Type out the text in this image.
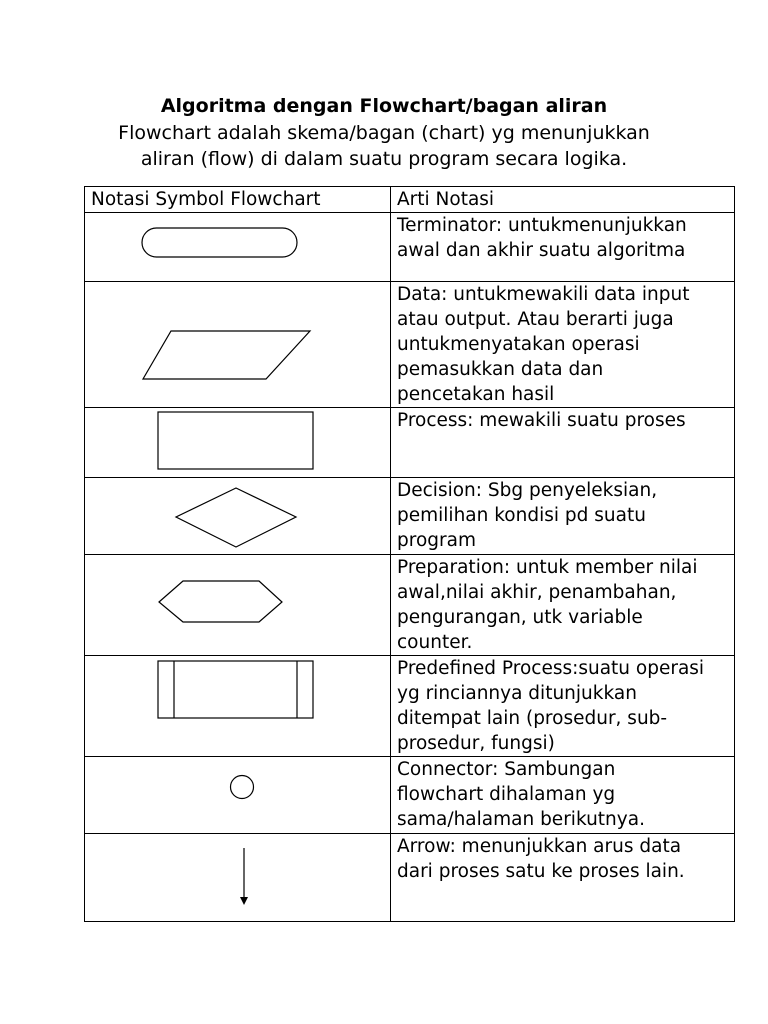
Algoritma dengan Flowchart/bagan aliran
Flowchart adalah skema/bagan (chart) yg menunjukkan
aliran (flow) di dalam suatu program secara logika.
Notasi Symbol Flowchart	Arti Notasi

Terminator: untukmenunjukkan
awal dan akhir suatu algoritma

Data: untukmewakili data input
atau output. Atau berarti juga
untukmenyatakan operasi
pemasukkan data dan
pencetakan hasil

Process: mewakili suatu proses

Decision: Sbg penyeleksian,
pemilihan kondisi pd suatu
program

Preparation: untuk member nilai
awal,nilai akhir, penambahan,
pengurangan, utk variable
counter.

Predefined Process:suatu operasi
yg rinciannya ditunjukkan
ditempat lain (prosedur, sub-
prosedur, fungsi)

Connector: Sambungan
flowchart dihalaman yg
sama/halaman berikutnya.

Arrow: menunjukkan arus data
dari proses satu ke proses lain.
